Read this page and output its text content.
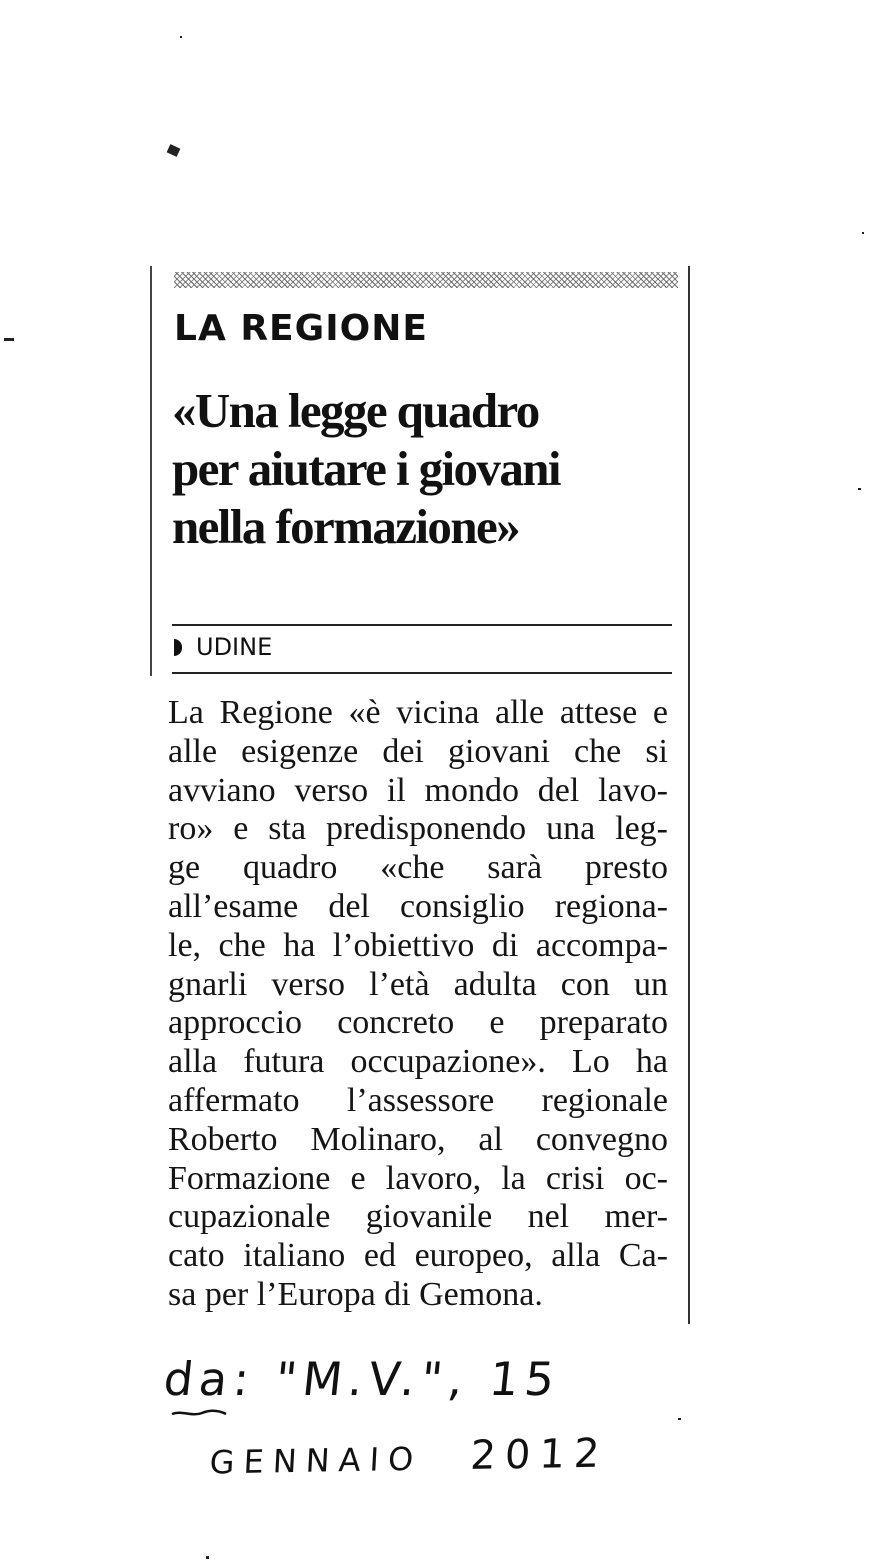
LA REGIONE
«Una legge quadro
per aiutare i giovani
nella formazione»
UDINE

La Regione «è vicina alle attese e
alle esigenze dei giovani che si
avviano verso il mondo del lavo-
ro» e sta predisponendo una leg-
ge quadro «che sarà presto
all’esame del consiglio regiona-
le, che ha l’obiettivo di accompa-
gnarli verso l’età adulta con un
approccio concreto e preparato
alla futura occupazione». Lo ha
affermato l’assessore regionale
Roberto Molinaro, al convegno
Formazione e lavoro, la crisi oc-
cupazionale giovanile nel mer-
cato italiano ed europeo, alla Ca-
sa per l’Europa di Gemona.

da: "M.V.", 15
GENNAIO 2012
